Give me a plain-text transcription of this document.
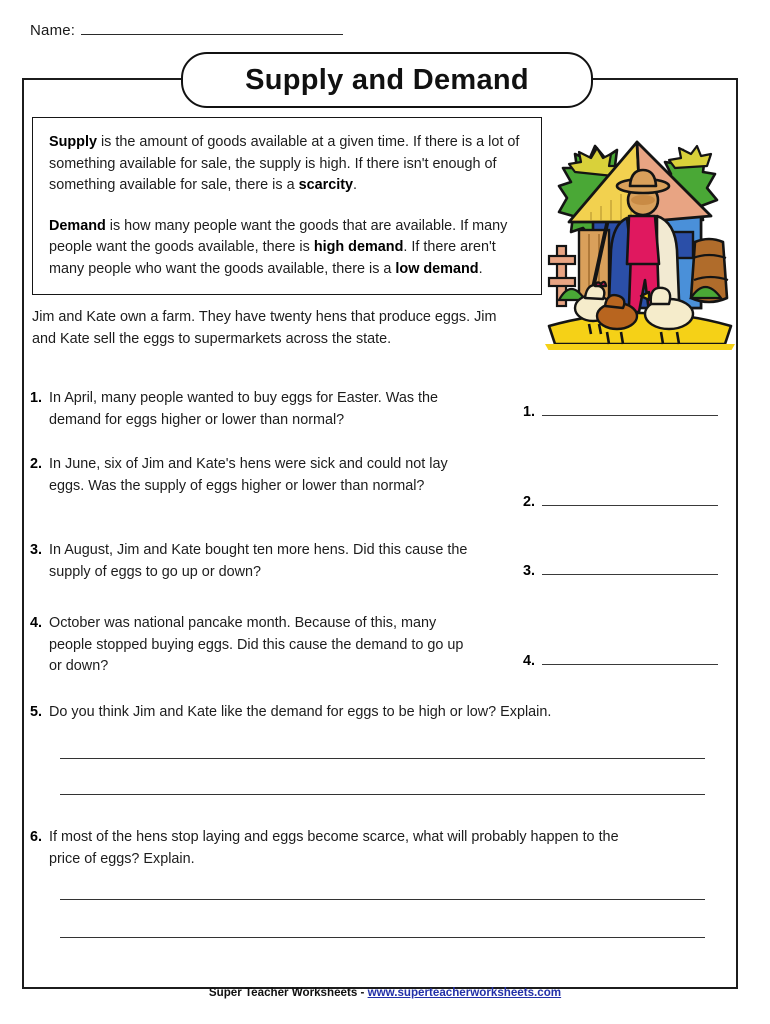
Name:
Supply and Demand

Supply is the amount of goods available at a given time. If there is a lot of something available for sale, the supply is high. If there isn't enough of something available for sale, there is a scarcity.

Demand is how many people want the goods that are available. If many people want the goods available, there is high demand. If there aren't many people who want the goods available, there is a low demand.

Jim and Kate own a farm. They have twenty hens that produce eggs. Jim and Kate sell the eggs to supermarkets across the state.
1. In April, many people wanted to buy eggs for Easter. Was the demand for eggs higher or lower than normal?
2. In June, six of Jim and Kate's hens were sick and could not lay eggs. Was the supply of eggs higher or lower than normal?
3. In August, Jim and Kate bought ten more hens. Did this cause the supply of eggs to go up or down?
4. October was national pancake month. Because of this, many people stopped buying eggs. Did this cause the demand to go up or down?
5. Do you think Jim and Kate like the demand for eggs to be high or low? Explain.
6. If most of the hens stop laying and eggs become scarce, what will probably happen to the price of eggs? Explain.
1.
2.
3.
4.
Super Teacher Worksheets - www.superteacherworksheets.com
